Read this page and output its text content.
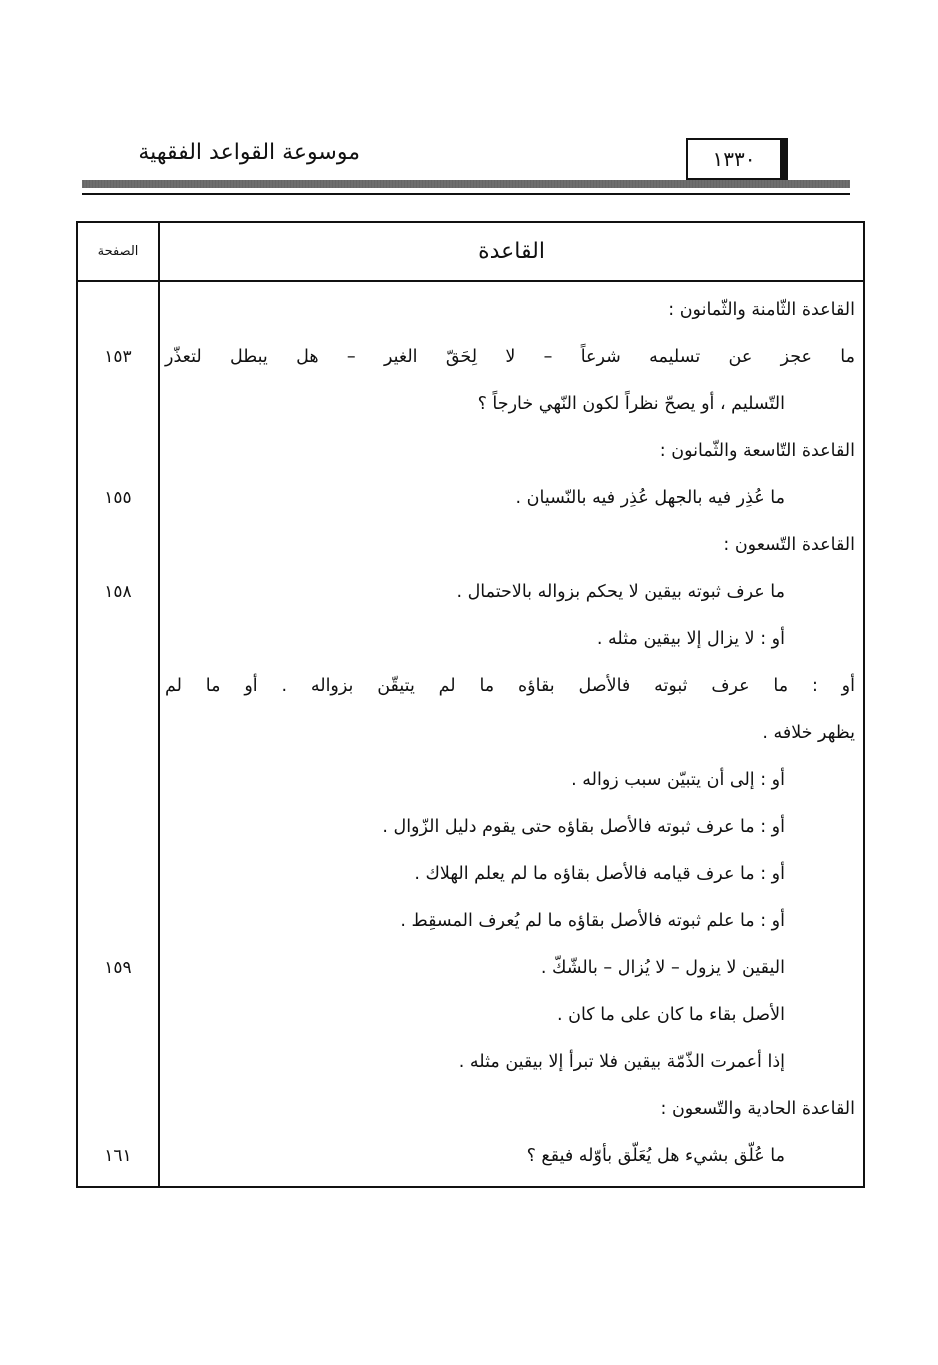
١٣٣٠
موسوعة القواعد الفقهية
الصفحة	القاعدة
القاعدة الثّامنة والثّمانون :
ما عجز عن تسليمه شرعاً – لا لِحَقّ الغير – هل يبطل لتعذّر
١٥٣
التّسليم ، أو يصحّ نظراً لكون النّهي خارجاً ؟
القاعدة التّاسعة والثّمانون :
ما عُذِر فيه بالجهل عُذِر فيه بالنّسيان .
١٥٥
القاعدة التّسعون :
ما عرف ثبوته بيقين لا يحكم بزواله بالاحتمال .
١٥٨
أو : لا يزال إلا بيقين مثله .
أو : ما عرف ثبوته فالأصل بقاؤه ما لم يتيقّن بزواله . أو ما لم
يظهر خلافه .
أو : إلى أن يتبيّن سبب زواله .
أو : ما عرف ثبوته فالأصل بقاؤه حتى يقوم دليل الزّوال .
أو : ما عرف قيامه فالأصل بقاؤه ما لم يعلم الهلاك .
أو : ما علم ثبوته فالأصل بقاؤه ما لم يُعرف المسقِط .
اليقين لا يزول – لا يُزال – بالشّكّ .
١٥٩
الأصل بقاء ما كان على ما كان .
إذا أعمرت الذّمّة بيقين فلا تبرأ إلا بيقين مثله .
القاعدة الحادية والتّسعون :
ما عُلّق بشيء هل يُعَلّق بأوّله فيقع ؟
١٦١
